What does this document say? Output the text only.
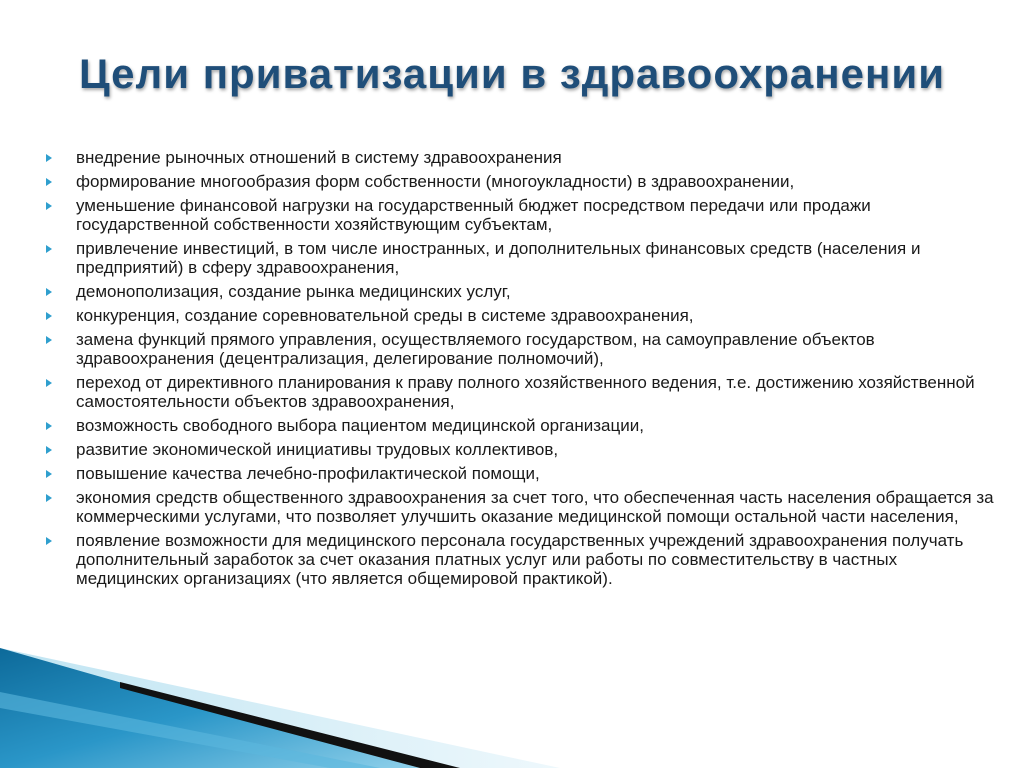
Цели приватизации в здравоохранении
внедрение рыночных отношений в систему здравоохранения
формирование многообразия форм собственности (многоукладности) в здравоохранении,
уменьшение финансовой нагрузки на государственный бюджет посредством передачи или продажи государственной собственности хозяйствующим субъектам,
привлечение инвестиций, в том числе иностранных, и дополнительных финансовых средств (населения и предприятий) в сферу здравоохранения,
демонополизация, создание рынка медицинских услуг,
конкуренция, создание соревновательной среды в системе здравоохранения,
замена функций прямого управления, осуществляемого государством, на самоуправление объектов здравоохранения (децентрализация, делегирование полномочий),
переход от директивного планирования к праву полного хозяйственного ведения, т.е. достижению хозяйственной самостоятельности объектов здравоохранения,
возможность свободного выбора пациентом медицинской организации,
развитие экономической инициативы трудовых коллективов,
повышение качества лечебно-профилактической помощи,
экономия средств общественного здравоохранения за счет того, что обеспеченная часть населения обращается за коммерческими услугами, что позволяет улучшить оказание медицинской помощи остальной части населения,
появление возможности для медицинского персонала государственных учреждений здравоохранения получать дополнительный заработок за счет оказания платных услуг или работы по совместительству в частных медицинских организациях (что является общемировой практикой).
